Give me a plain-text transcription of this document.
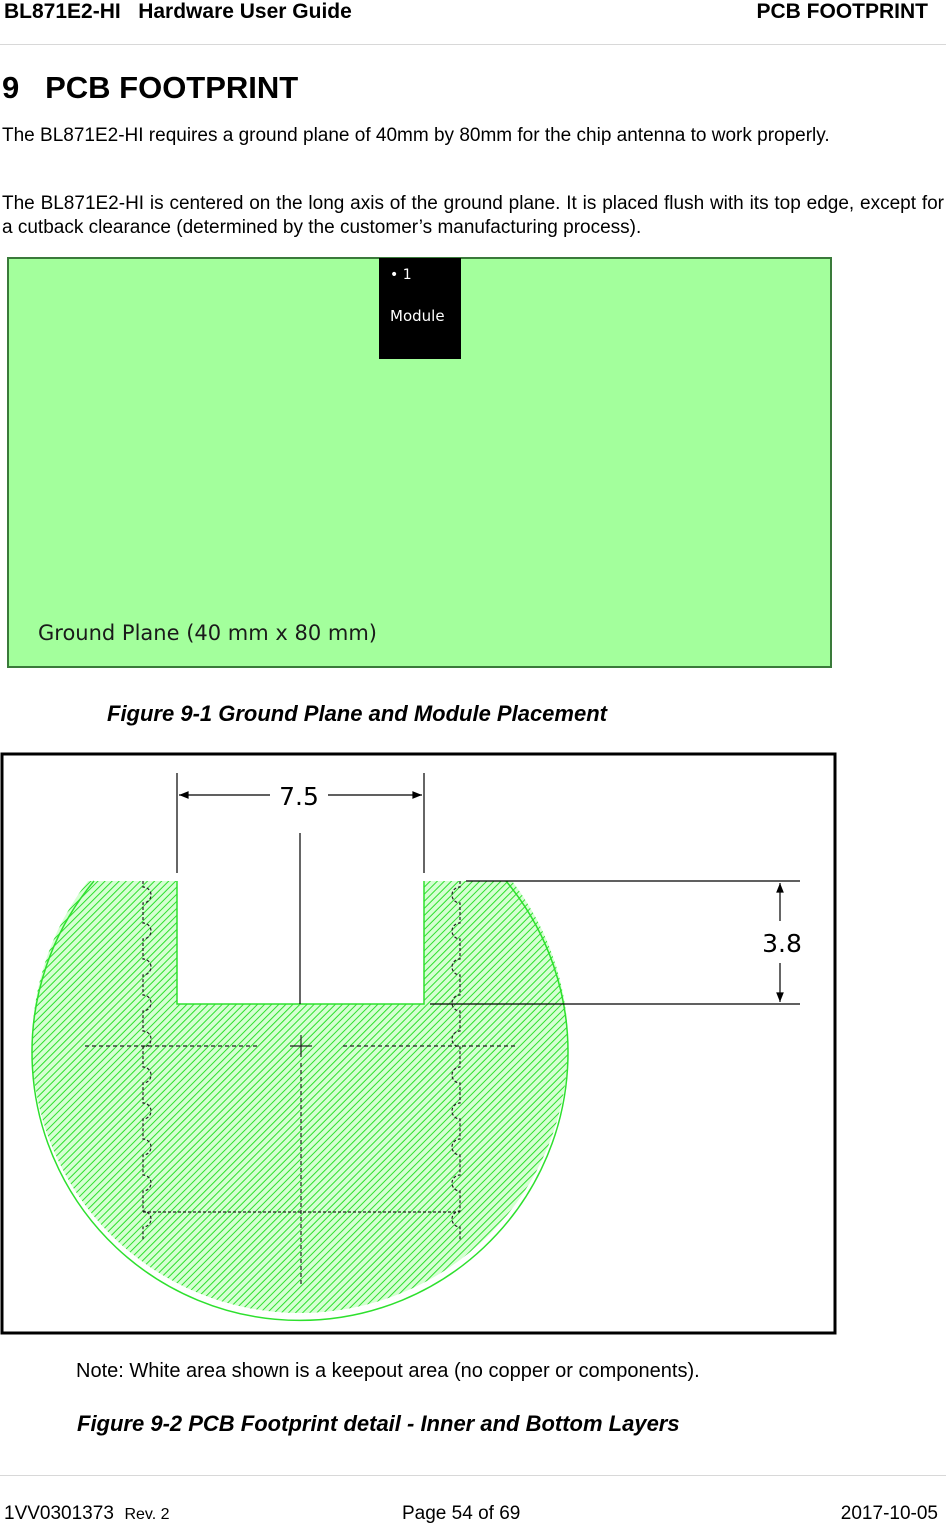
BL871E2-HI   Hardware User Guide	PCB FOOTPRINT
9   PCB FOOTPRINT
The BL871E2-HI requires a ground plane of 40mm by 80mm for the chip antenna to work properly.
The BL871E2-HI is centered on the long axis of the ground plane. It is placed flush with its top edge, except for a cutback clearance (determined by the customer’s manufacturing process).
• 1
Module
Ground Plane (40 mm x 80 mm)
Figure 9-1 Ground Plane and Module Placement
7.5
3.8
Note: White area shown is a keepout area (no copper or components).
Figure 9-2 PCB Footprint detail - Inner and Bottom Layers
1VV0301373 Rev. 2	Page 54 of 69	2017-10-05
